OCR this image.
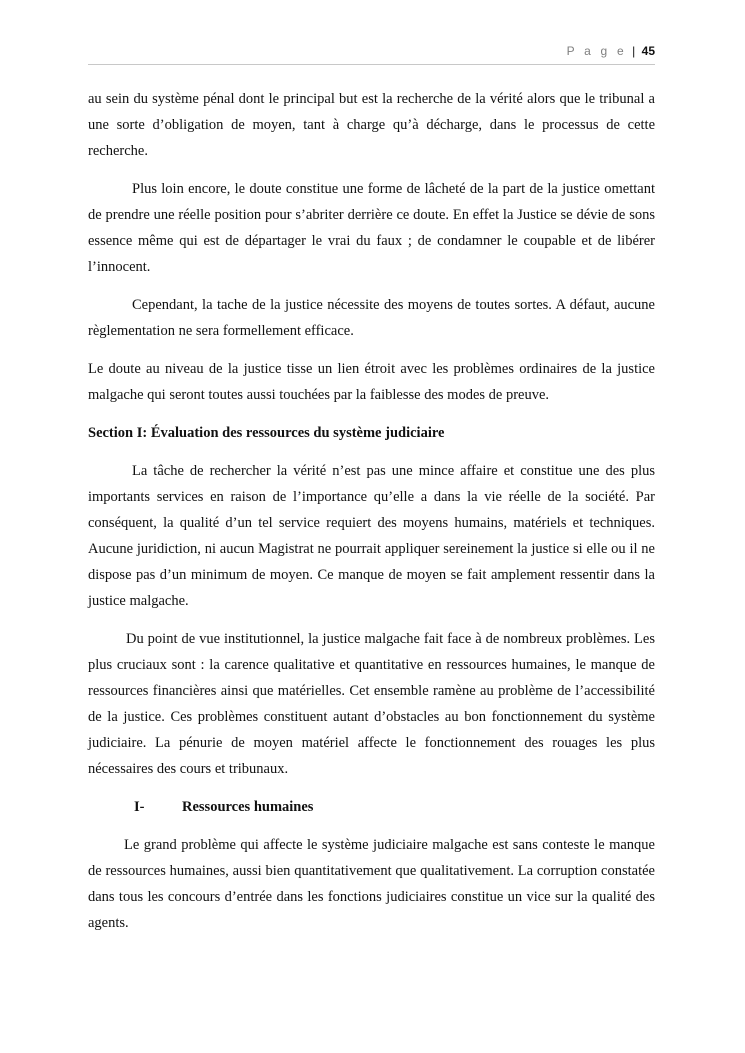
P a g e | 45

au sein du système pénal dont le principal but est la recherche de la vérité alors que le tribunal a une sorte d’obligation de moyen, tant à charge qu’à décharge, dans le processus de cette recherche.

Plus loin encore, le doute constitue une forme de lâcheté de la part de la justice omettant de prendre une réelle position pour s’abriter derrière ce doute. En effet la Justice se dévie de sons essence même qui est de départager le vrai du faux ; de condamner le coupable et de libérer l’innocent.

Cependant, la tache de la justice nécessite des moyens de toutes sortes. A défaut, aucune règlementation ne sera formellement efficace.

Le doute au niveau de la justice tisse un lien étroit avec les problèmes ordinaires de la justice malgache qui seront toutes aussi touchées par la faiblesse des modes de preuve.

Section I: Évaluation des ressources du système judiciaire

La tâche de rechercher la vérité n’est pas une mince affaire et constitue une des plus importants services en raison de l’importance qu’elle a dans la vie réelle de la société. Par conséquent, la qualité d’un tel service requiert des moyens humains, matériels et techniques. Aucune juridiction, ni aucun Magistrat ne pourrait appliquer sereinement la justice si elle ou il ne dispose pas d’un minimum de moyen. Ce manque de moyen se fait amplement ressentir dans la justice malgache.

Du point de vue institutionnel, la justice malgache fait face à de nombreux problèmes. Les plus cruciaux sont : la carence qualitative et quantitative en ressources humaines, le manque de ressources financières ainsi que matérielles. Cet ensemble ramène au problème de l’accessibilité de la justice. Ces problèmes constituent autant d’obstacles au bon fonctionnement du système judiciaire. La pénurie de moyen matériel affecte le fonctionnement des rouages les plus nécessaires des cours et tribunaux.

I-	Ressources humaines

Le grand problème qui affecte le système judiciaire malgache est sans conteste le manque de ressources humaines, aussi bien quantitativement que qualitativement. La corruption constatée dans tous les concours d’entrée dans les fonctions judiciaires constitue un vice sur la qualité des agents.
